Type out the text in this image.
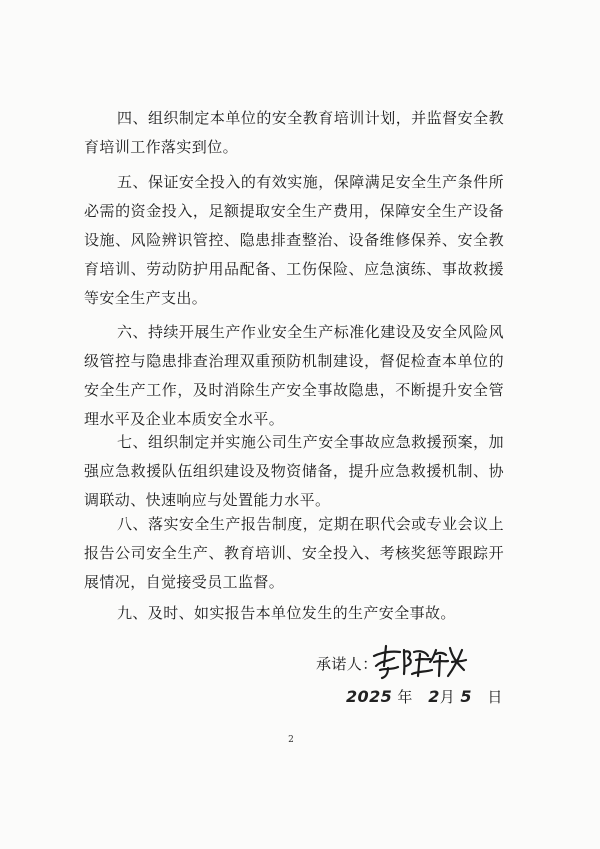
四、组织制定本单位的安全教育培训计划，并监督安全教育培训工作落实到位。

五、保证安全投入的有效实施，保障满足安全生产条件所必需的资金投入，足额提取安全生产费用，保障安全生产设备设施、风险辨识管控、隐患排查整治、设备维修保养、安全教育培训、劳动防护用品配备、工伤保险、应急演练、事故救援等安全生产支出。

六、持续开展生产作业安全生产标准化建设及安全风险风级管控与隐患排查治理双重预防机制建设，督促检查本单位的安全生产工作，及时消除生产安全事故隐患，不断提升安全管理水平及企业本质安全水平。

七、组织制定并实施公司生产安全事故应急救援预案，加强应急救援队伍组织建设及物资储备，提升应急救援机制、协调联动、快速响应与处置能力水平。

八、落实安全生产报告制度，定期在职代会或专业会议上报告公司安全生产、教育培训、安全投入、考核奖惩等跟踪开展情况，自觉接受员工监督。

九、及时、如实报告本单位发生的生产安全事故。

承诺人：
2025 年 2月 5 日
2
